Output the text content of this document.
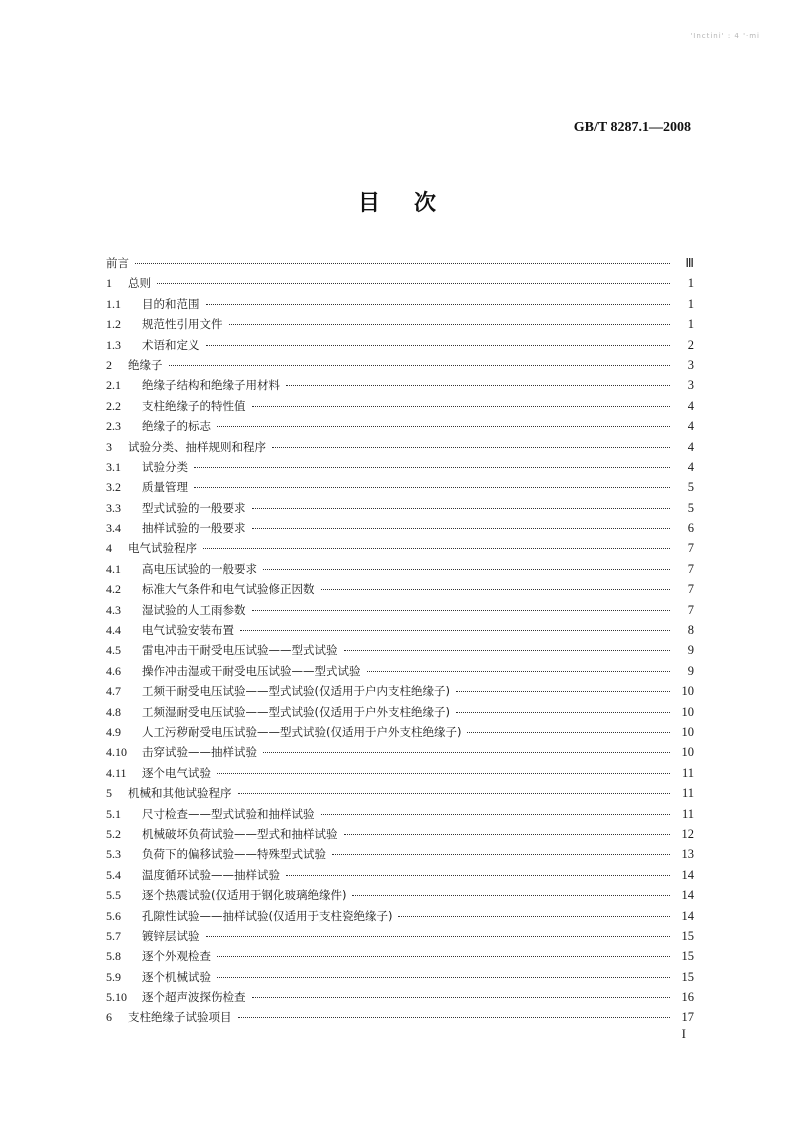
'Inctini' : 4 '·mi
GB/T 8287.1—2008
目次
前言	Ⅲ
1	总则	1
1.1	目的和范围	1
1.2	规范性引用文件	1
1.3	术语和定义	2
2	绝缘子	3
2.1	绝缘子结构和绝缘子用材料	3
2.2	支柱绝缘子的特性值	4
2.3	绝缘子的标志	4
3	试验分类、抽样规则和程序	4
3.1	试验分类	4
3.2	质量管理	5
3.3	型式试验的一般要求	5
3.4	抽样试验的一般要求	6
4	电气试验程序	7
4.1	高电压试验的一般要求	7
4.2	标准大气条件和电气试验修正因数	7
4.3	湿试验的人工雨参数	7
4.4	电气试验安装布置	8
4.5	雷电冲击干耐受电压试验——型式试验	9
4.6	操作冲击湿或干耐受电压试验——型式试验	9
4.7	工频干耐受电压试验——型式试验(仅适用于户内支柱绝缘子)	10
4.8	工频湿耐受电压试验——型式试验(仅适用于户外支柱绝缘子)	10
4.9	人工污秽耐受电压试验——型式试验(仅适用于户外支柱绝缘子)	10
4.10	击穿试验——抽样试验	10
4.11	逐个电气试验	11
5	机械和其他试验程序	11
5.1	尺寸检查——型式试验和抽样试验	11
5.2	机械破坏负荷试验——型式和抽样试验	12
5.3	负荷下的偏移试验——特殊型式试验	13
5.4	温度循环试验——抽样试验	14
5.5	逐个热震试验(仅适用于钢化玻璃绝缘件)	14
5.6	孔隙性试验——抽样试验(仅适用于支柱瓷绝缘子)	14
5.7	镀锌层试验	15
5.8	逐个外观检查	15
5.9	逐个机械试验	15
5.10	逐个超声波探伤检查	16
6	支柱绝缘子试验项目	17
I
